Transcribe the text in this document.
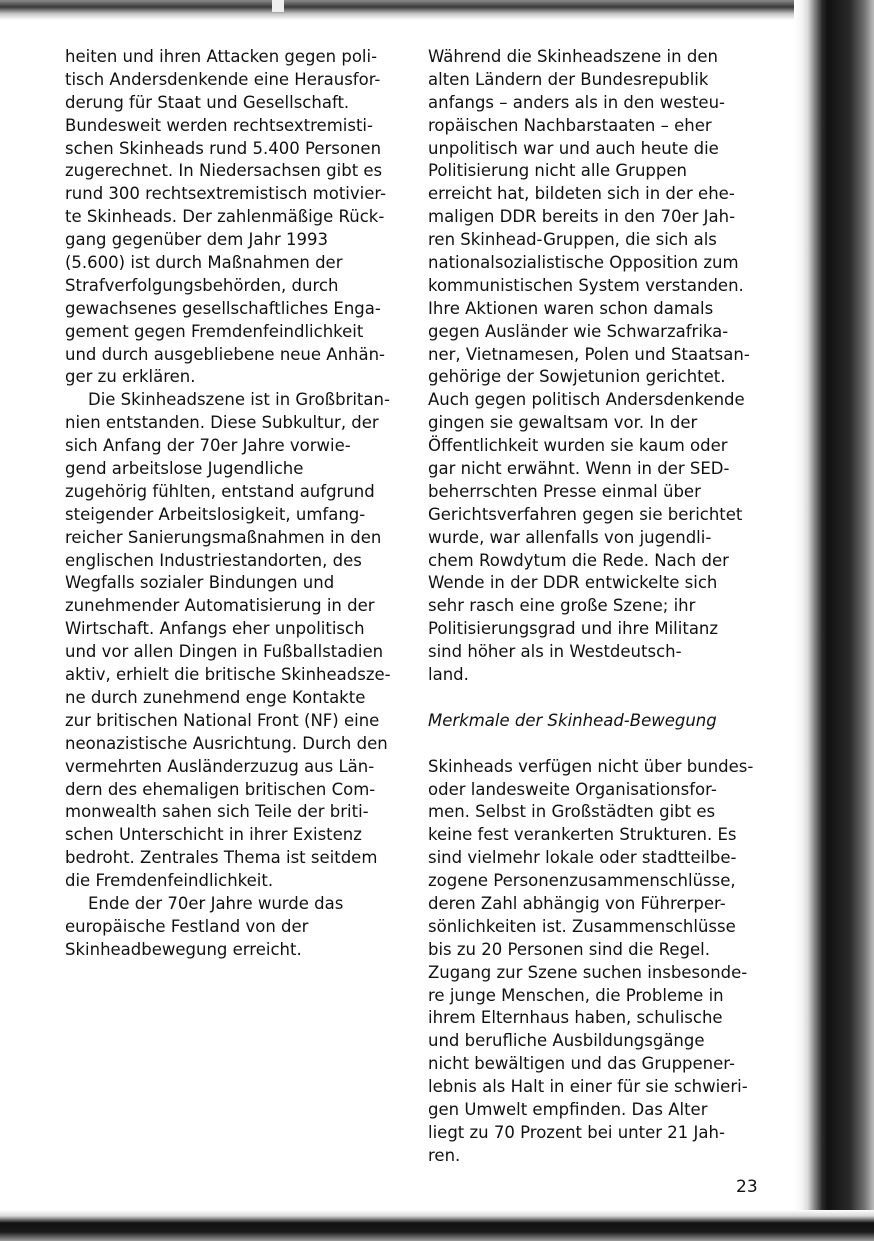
heiten und ihren Attacken gegen poli-
tisch Andersdenkende eine Herausfor-
derung für Staat und Gesellschaft.
Bundesweit werden rechtsextremisti-
schen Skinheads rund 5.400 Personen
zugerechnet. In Niedersachsen gibt es
rund 300 rechtsextremistisch motivier-
te Skinheads. Der zahlenmäßige Rück-
gang gegenüber dem Jahr 1993
(5.600) ist durch Maßnahmen der
Strafverfolgungsbehörden, durch
gewachsenes gesellschaftliches Enga-
gement gegen Fremdenfeindlichkeit
und durch ausgebliebene neue Anhän-
ger zu erklären.
Die Skinheadszene ist in Großbritan-
nien entstanden. Diese Subkultur, der
sich Anfang der 70er Jahre vorwie-
gend arbeitslose Jugendliche
zugehörig fühlten, entstand aufgrund
steigender Arbeitslosigkeit, umfang-
reicher Sanierungsmaßnahmen in den
englischen Industriestandorten, des
Wegfalls sozialer Bindungen und
zunehmender Automatisierung in der
Wirtschaft. Anfangs eher unpolitisch
und vor allen Dingen in Fußballstadien
aktiv, erhielt die britische Skinheadsze-
ne durch zunehmend enge Kontakte
zur britischen National Front (NF) eine
neonazistische Ausrichtung. Durch den
vermehrten Ausländerzuzug aus Län-
dern des ehemaligen britischen Com-
monwealth sahen sich Teile der briti-
schen Unterschicht in ihrer Existenz
bedroht. Zentrales Thema ist seitdem
die Fremdenfeindlichkeit.
Ende der 70er Jahre wurde das
europäische Festland von der
Skinheadbewegung erreicht.
Während die Skinheadszene in den
alten Ländern der Bundesrepublik
anfangs – anders als in den westeu-
ropäischen Nachbarstaaten – eher
unpolitisch war und auch heute die
Politisierung nicht alle Gruppen
erreicht hat, bildeten sich in der ehe-
maligen DDR bereits in den 70er Jah-
ren Skinhead-Gruppen, die sich als
nationalsozialistische Opposition zum
kommunistischen System verstanden.
Ihre Aktionen waren schon damals
gegen Ausländer wie Schwarzafrika-
ner, Vietnamesen, Polen und Staatsan-
gehörige der Sowjetunion gerichtet.
Auch gegen politisch Andersdenkende
gingen sie gewaltsam vor. In der
Öffentlichkeit wurden sie kaum oder
gar nicht erwähnt. Wenn in der SED-
beherrschten Presse einmal über
Gerichtsverfahren gegen sie berichtet
wurde, war allenfalls von jugendli-
chem Rowdytum die Rede. Nach der
Wende in der DDR entwickelte sich
sehr rasch eine große Szene; ihr
Politisierungsgrad und ihre Militanz
sind höher als in Westdeutsch-
land.
Merkmale der Skinhead-Bewegung
Skinheads verfügen nicht über bundes-
oder landesweite Organisationsfor-
men. Selbst in Großstädten gibt es
keine fest verankerten Strukturen. Es
sind vielmehr lokale oder stadtteilbe-
zogene Personenzusammenschlüsse,
deren Zahl abhängig von Führerper-
sönlichkeiten ist. Zusammenschlüsse
bis zu 20 Personen sind die Regel.
Zugang zur Szene suchen insbesonde-
re junge Menschen, die Probleme in
ihrem Elternhaus haben, schulische
und berufliche Ausbildungsgänge
nicht bewältigen und das Gruppener-
lebnis als Halt in einer für sie schwieri-
gen Umwelt empfinden. Das Alter
liegt zu 70 Prozent bei unter 21 Jah-
ren.
23
